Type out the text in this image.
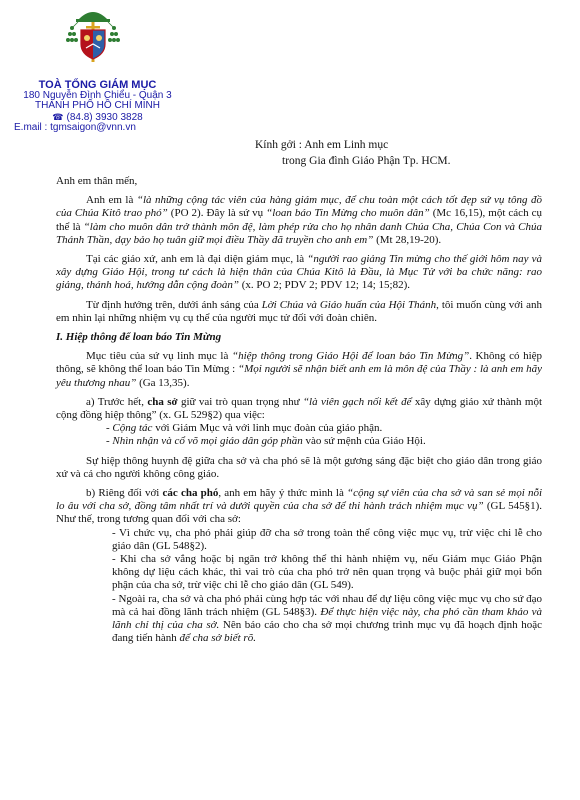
TOÀ TỔNG GIÁM MỤC
180 Nguyễn Đình Chiểu - Quận 3
THÀNH PHỐ HỒ CHÍ MINH
☎ (84.8) 3930 3828
E.mail : tgmsaigon@vnn.vn
Kính gởi : Anh em Linh mục
trong Gia đình Giáo Phận Tp. HCM.

Anh em thân mến,

Anh em là “là những cộng tác viên của hàng giám mục, để chu toàn một cách tốt đẹp sứ vụ tông đồ của Chúa Kitô trao phó” (PO 2). Đây là sứ vụ “loan báo Tin Mừng cho muôn dân” (Mc 16,15), một cách cụ thể là “làm cho muôn dân trở thành môn đệ, làm phép rửa cho họ nhân danh Chúa Cha, Chúa Con và Chúa Thánh Thần, dạy bảo họ tuân giữ mọi điều Thầy đã truyền cho anh em” (Mt 28,19-20).

Tại các giáo xứ, anh em là đại diện giám mục, là “người rao giảng Tin mừng cho thế giới hôm nay và xây dựng Giáo Hội, trong tư cách là hiện thân của Chúa Kitô là Đầu, là Mục Tử với ba chức năng: rao giảng, thánh hoá, hướng dẫn cộng đoàn” (x. PO 2; PDV 2; PDV 12; 14; 15;82).

Từ định hướng trên, dưới ánh sáng của Lời Chúa và Giáo huấn của Hội Thánh, tôi muốn cùng với anh em nhìn lại những nhiệm vụ cụ thể của người mục tử đối với đoàn chiên.

I. Hiệp thông để loan báo Tin Mừng

Mục tiêu của sứ vụ linh mục là “hiệp thông trong Giáo Hội để loan báo Tin Mừng”. Không có hiệp thông, sẽ không thể loan báo Tin Mừng : “Mọi người sẽ nhận biết anh em là môn đệ của Thầy : là anh em hãy yêu thương nhau” (Ga 13,35).

a) Trước hết, cha sở giữ vai trò quan trọng như “là viên gạch nối kết để xây dựng giáo xứ thành một cộng đồng hiệp thông” (x. GL 529§2) qua việc:

- Cộng tác với Giám Mục và với linh mục đoàn của giáo phận.

- Nhìn nhận và cổ võ mọi giáo dân góp phần vào sứ mệnh của Giáo Hội.

Sự hiệp thông huynh đệ giữa cha sở và cha phó sẽ là một gương sáng đặc biệt cho giáo dân trong giáo xứ và cả cho người không công giáo.

b) Riêng đối với các cha phó, anh em hãy ý thức mình là “cộng sự viên của cha sở và san sẻ mọi nỗi lo âu với cha sở, đồng tâm nhất trí và dưới quyền của cha sở để thi hành trách nhiệm mục vụ” (GL 545§1). Như thế, trong tương quan đối với cha sở:

- Vì chức vụ, cha phó phải giúp đỡ cha sở trong toàn thể công việc mục vụ, trừ việc chi lễ cho giáo dân (GL 548§2).

- Khi cha sở vắng hoặc bị ngăn trở không thể thi hành nhiệm vụ, nếu Giám mục Giáo Phận không dự liệu cách khác, thì vai trò của cha phó trở nên quan trọng và buộc phải giữ mọi bổn phận của cha sở, trừ việc chi lễ cho giáo dân (GL 549).

- Ngoài ra, cha sở và cha phó phải cùng hợp tác với nhau để dự liệu công việc mục vụ cho sứ đạo mà cả hai đồng lãnh trách nhiệm (GL 548§3). Để thực hiện việc này, cha phó cần tham khảo và lãnh chỉ thị của cha sở. Nên báo cáo cho cha sở mọi chương trình mục vụ đã hoạch định hoặc đang tiến hành để cha sở biết rõ.
